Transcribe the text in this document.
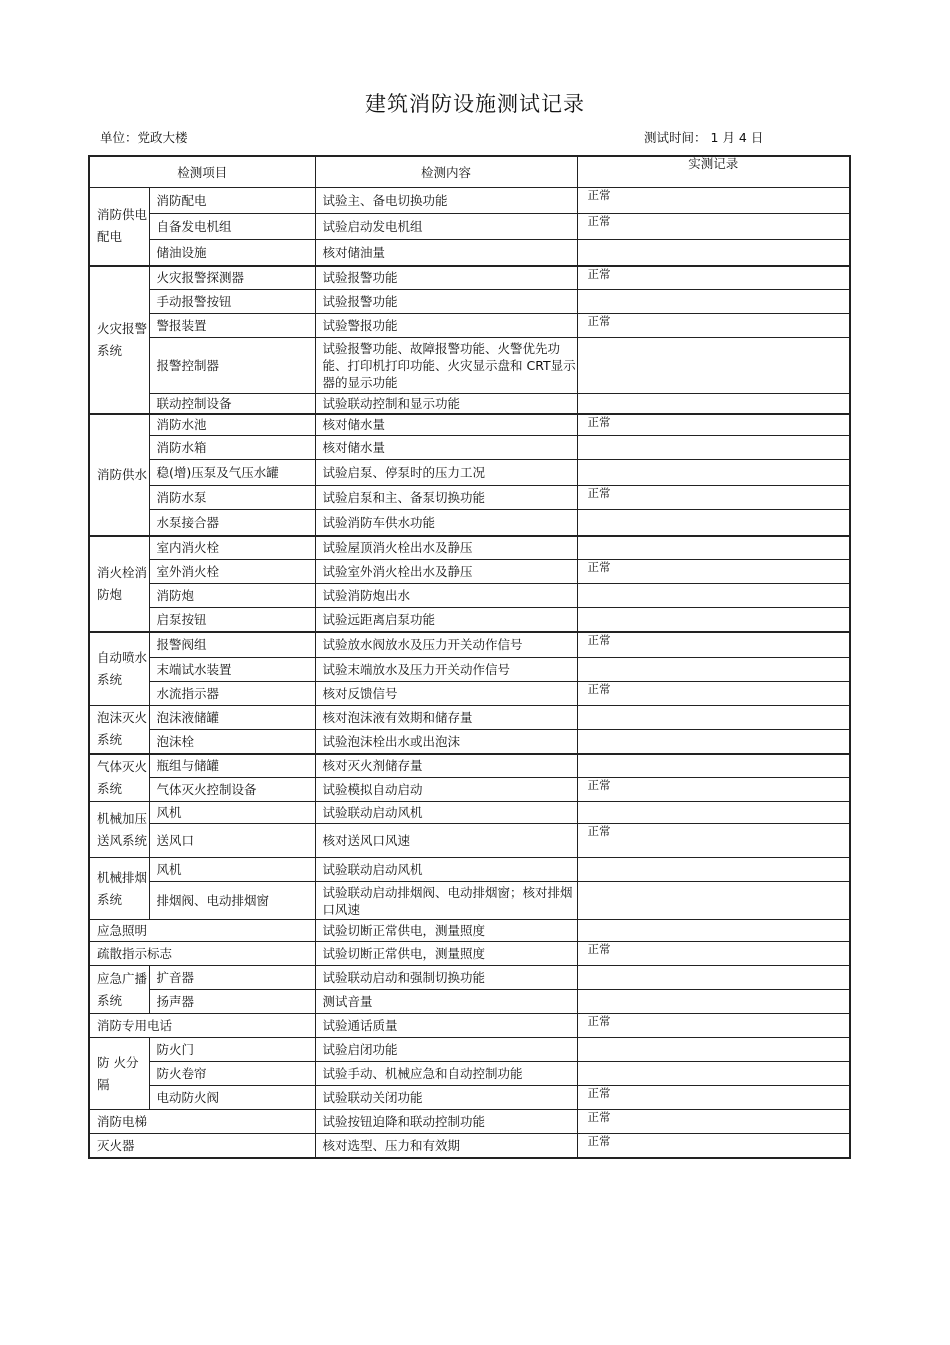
建筑消防设施测试记录
单位：党政大楼	测试时间： 1 月 4 日
检测项目		检测内容	实测记录
消防供电配电	消防配电	试验主、备电切换功能	正常
	自备发电机组	试验启动发电机组	正常
	储油设施	核对储油量	
火灾报警系统	火灾报警探测器	试验报警功能	正常
	手动报警按钮	试验报警功能	
	警报装置	试验警报功能	正常
	报警控制器	试验报警功能、故障报警功能、火警优先功能、打印机打印功能、火灾显示盘和 CRT显示器的显示功能	
	联动控制设备	试验联动控制和显示功能	
消防供水	消防水池	核对储水量	正常
	消防水箱	核对储水量	
	稳(增)压泵及气压水罐	试验启泵、停泵时的压力工况	
	消防水泵	试验启泵和主、备泵切换功能	正常
	水泵接合器	试验消防车供水功能	
消火栓消防炮	室内消火栓	试验屋顶消火栓出水及静压	
	室外消火栓	试验室外消火栓出水及静压	正常
	消防炮	试验消防炮出水	
	启泵按钮	试验远距离启泵功能	
自动喷水系统	报警阀组	试验放水阀放水及压力开关动作信号	正常
	末端试水装置	试验末端放水及压力开关动作信号	
	水流指示器	核对反馈信号	正常
泡沫灭火系统	泡沫液储罐	核对泡沫液有效期和储存量	
	泡沫栓	试验泡沫栓出水或出泡沫	
气体灭火系统	瓶组与储罐	核对灭火剂储存量	
	气体灭火控制设备	试验模拟自动启动	正常
机械加压送风系统	风机	试验联动启动风机	
	送风口	核对送风口风速	正常
机械排烟系统	风机	试验联动启动风机	
	排烟阀、电动排烟窗	试验联动启动排烟阀、电动排烟窗；核对排烟口风速	
应急照明		试验切断正常供电，测量照度	
疏散指示标志		试验切断正常供电，测量照度	正常
应急广播系统	扩音器	试验联动启动和强制切换功能	
	扬声器	测试音量	
消防专用电话		试验通话质量	正常
防 火分隔	防火门	试验启闭功能	
	防火卷帘	试验手动、机械应急和自动控制功能	
	电动防火阀	试验联动关闭功能	正常
消防电梯		试验按钮迫降和联动控制功能	正常
灭火器		核对选型、压力和有效期	正常
